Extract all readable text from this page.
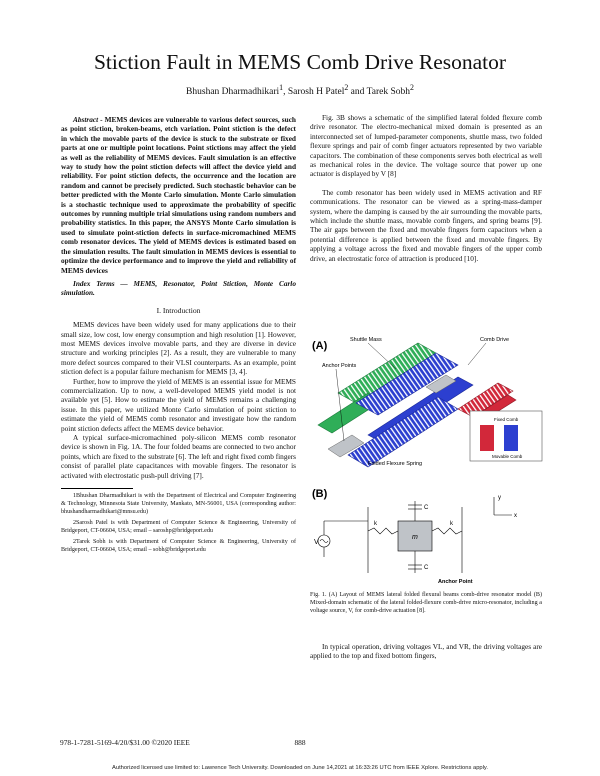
Stiction Fault in MEMS Comb Drive Resonator
Bhushan Dharmadhikari$^1$, Sarosh H Patel$^2$ and Tarek Sobh$^2$

Abstract - MEMS devices are vulnerable to various defect sources, such as point stiction, broken-beams, etch variation. Point stiction is the defect in which the movable parts of the device is stuck to the substrate or fixed parts at one or multiple point locations. Point stictions may affect the yield as well as the reliability of MEMS devices. Fault simulation is an effective way to study how the point stiction defects will affect the device yield and reliability. For point stiction defects, the occurrence and the location are random and cannot be precisely predicted. Such stochastic behavior can be better predicted with the Monte Carlo simulation. Monte Carlo simulation is a stochastic technique used to approximate the probability of specific outcomes by running multiple trial simulations using random numbers and probability statistics. In this paper, the ANSYS Monte Carlo simulation is used to simulate point-stiction defects in surface-micromachined MEMS comb resonator devices. The yield of MEMS devices is estimated based on the simulation results. The fault simulation in MEMS devices is essential to optimize the device performance and to improve the yield and reliability of MEMS devices

Index Terms — MEMS, Resonator, Point Stiction, Monte Carlo simulation.

I. Introduction

MEMS devices have been widely used for many applications due to their small size, low cost, low energy consumption and high resolution [1]. However, most MEMS devices involve movable parts, and they are diverse in device structure and working principles [2]. As a result, they are vulnerable to many more defect sources compared to their VLSI counterparts. As an example, point stiction defect is a popular failure mechanism for MEMS [3, 4].

Further, how to improve the yield of MEMS is an essential issue for MEMS commercialization. Up to now, a well-developed MEMS yield model is not available yet [5]. How to estimate the yield of MEMS remains a challenging issue. In this paper, we utilized Monte Carlo simulation of point stiction to estimate the yield of MEMS comb resonator and investigate how the random point stiction defects affect the MEMS device behavior.

A typical surface-micromachined poly-silicon MEMS comb resonator device is shown in Fig. 1A. The four folded beams are connected to two anchor points, which are fixed to the substrate [6]. The left and right fixed comb fingers consist of parallel plate capacitances with movable fingers. The resonator is activated with electrostatic push-pull driving [7].

1Bhushan Dharmadhikari is with the Department of Electrical and Computer Engineering & Technology, Minnesota State University, Mankato, MN-56001, USA (corresponding author: bhushandharmadhikari@mnsu.edu)

2Sarosh Patel is with Department of Computer Science & Engineering, University of Bridgeport, CT-06604, USA; email – saroshp@bridgeport.edu

2Tarek Sobh is with Department of Computer Science & Engineering, University of Bridgeport, CT-06604, USA; email – sobh@bridgeport.edu

Fig. 3B shows a schematic of the simplified lateral folded flexure comb drive resonator. The electro-mechanical mixed domain is presented as an interconnected set of lumped-parameter components, shuttle mass, two folded flexure springs and pair of comb finger actuators represented by two variable capacitors. The combination of these components serves both electrical as well as mechanical roles in the device. The voltage source that power up one actuator is displayed by V [8]

The comb resonator has been widely used in MEMS activation and RF communications. The resonator can be viewed as a spring-mass-damper system, where the damping is caused by the air surrounding the movable parts, which include the shuttle mass, movable comb fingers, and spring beams [9]. The air gaps between the fixed and movable fingers form capacitors when a potential difference is applied between the fixed and movable fingers. By applying a voltage across the fixed and movable fingers of the upper comb drive, an electrostatic force of attraction is produced [10].

(A)	Shuttle Mass	Comb Drive
Anchor Points
Folded Flexure Spring
Fixed Comb
Movable Comb
(B)
V
k	k
m
C
C
y
x
Anchor Point
Fig. 1. (A) Layout of MEMS lateral folded flexural beams comb-drive resonator model (B) Mixed-domain schematic of the lateral folded-flexure comb-drive micro-resonator, including a voltage source, V, for comb-drive actuation [8].

In typical operation, driving voltages VL, and VR, the driving voltages are applied to the top and fixed bottom fingers,

978-1-7281-5169-4/20/$31.00 ©2020 IEEE	888
Authorized licensed use limited to: Lawrence Tech University. Downloaded on June 14,2021 at 16:33:26 UTC from IEEE Xplore. Restrictions apply.
